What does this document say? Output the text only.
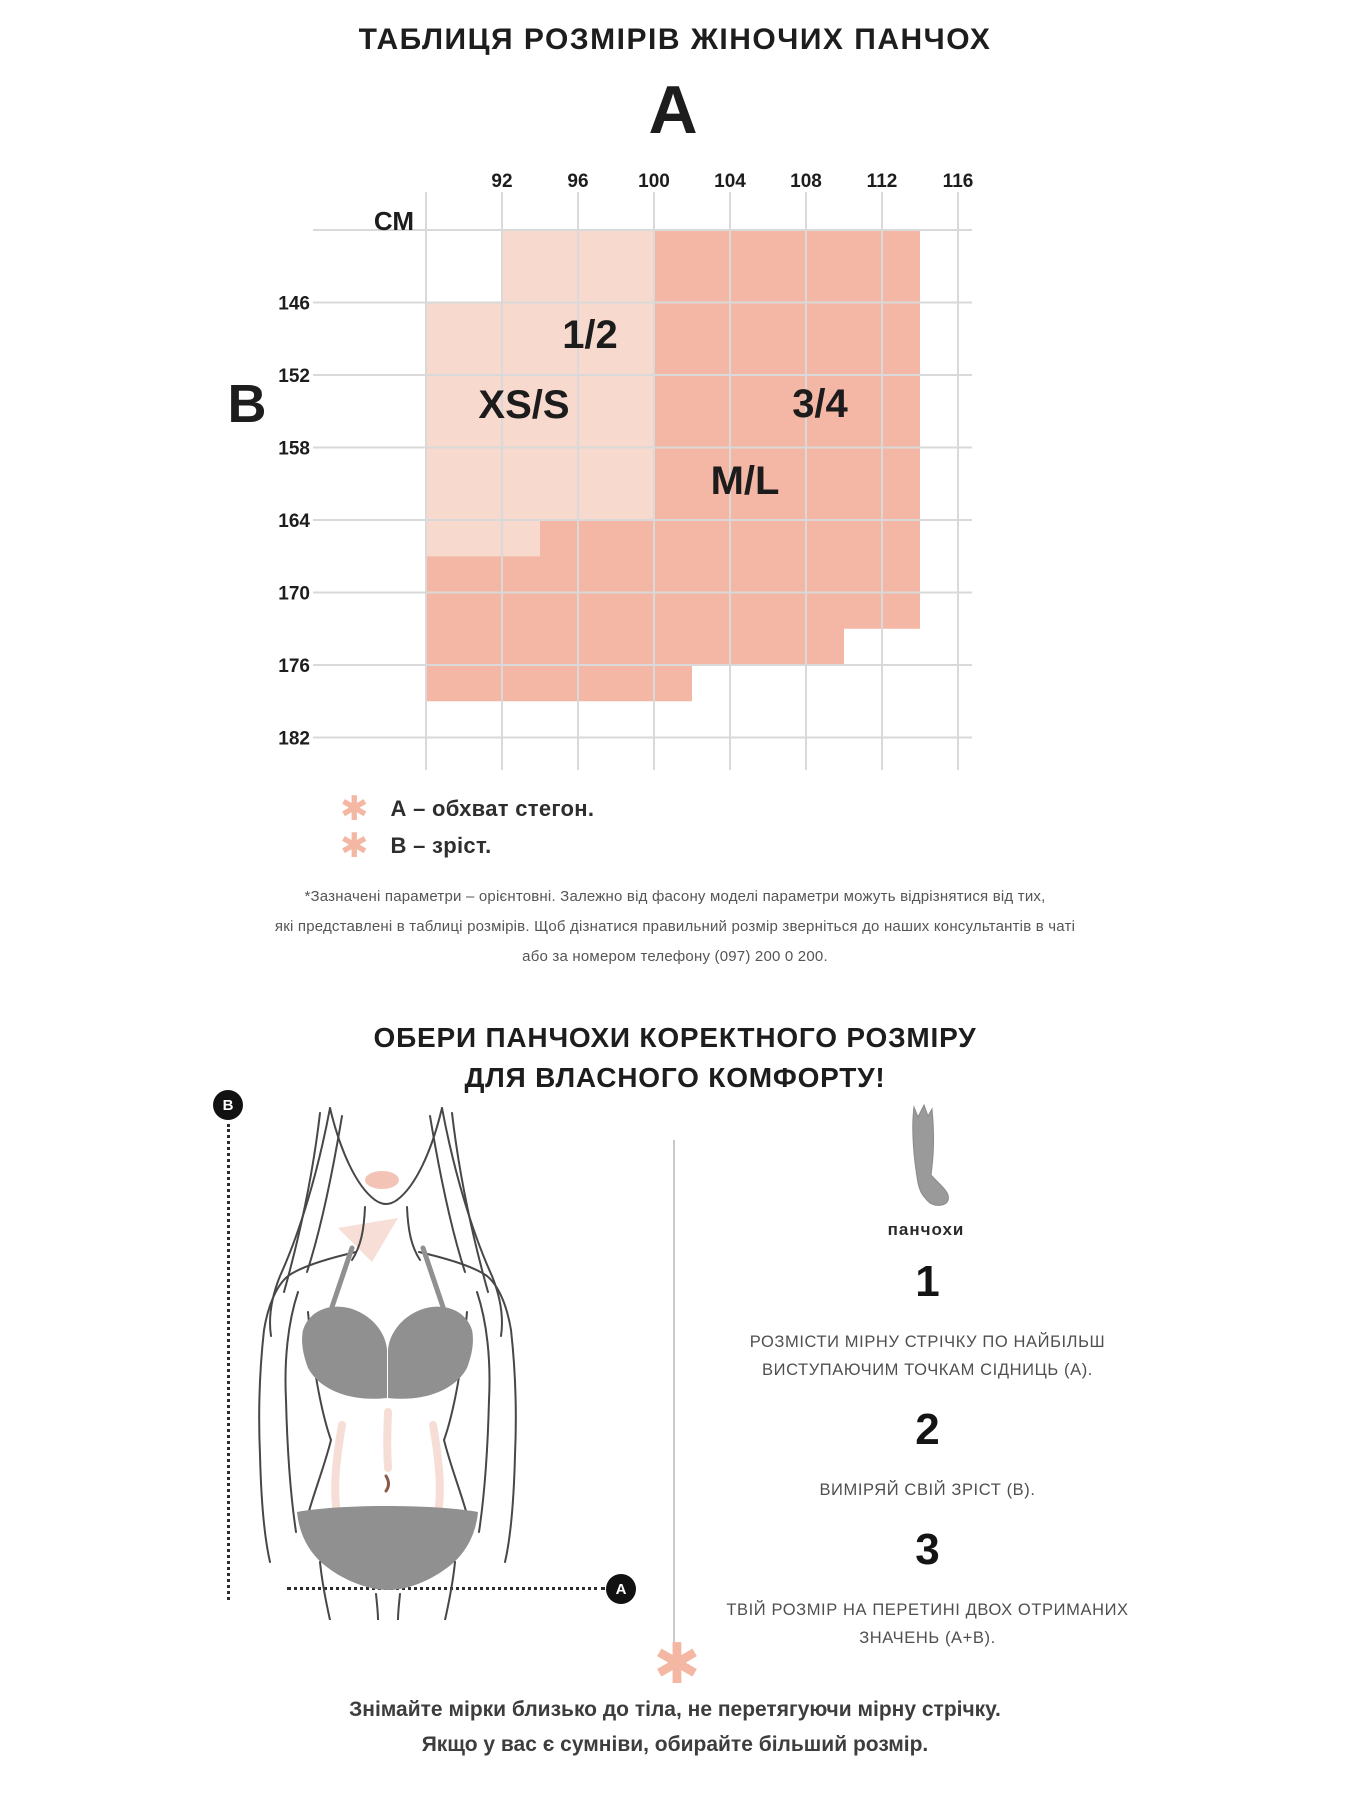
ТАБЛИЦЯ РОЗМІРІВ ЖІНОЧИХ ПАНЧОХ
А
В
СМ
92	96	100 104 108 112 116
146
152
158
164
170
176
182
1/2
XS/S	3/4
M/L
✱ А – обхват стегон.
✱ В – зріст.
*Зазначені параметри – орієнтовні. Залежно від фасону моделі параметри можуть відрізнятися від тих,
які представлені в таблиці розмірів. Щоб дізнатися правильний розмір зверніться до наших консультантів в чаті
або за номером телефону (097) 200 0 200.
ОБЕРИ ПАНЧОХИ КОРЕКТНОГО РОЗМІРУ
ДЛЯ ВЛАСНОГО КОМФОРТУ!
В
А
панчохи
1
РОЗМІСТИ МІРНУ СТРІЧКУ ПО НАЙБІЛЬШ
ВИСТУПАЮЧИМ ТОЧКАМ СІДНИЦЬ (А).
2
ВИМІРЯЙ СВІЙ ЗРІСТ (В).
3
ТВІЙ РОЗМІР НА ПЕРЕТИНІ ДВОХ ОТРИМАНИХ
ЗНАЧЕНЬ (А+В).
✱
Знімайте мірки близько до тіла, не перетягуючи мірну стрічку.
Якщо у вас є сумніви, обирайте більший розмір.
